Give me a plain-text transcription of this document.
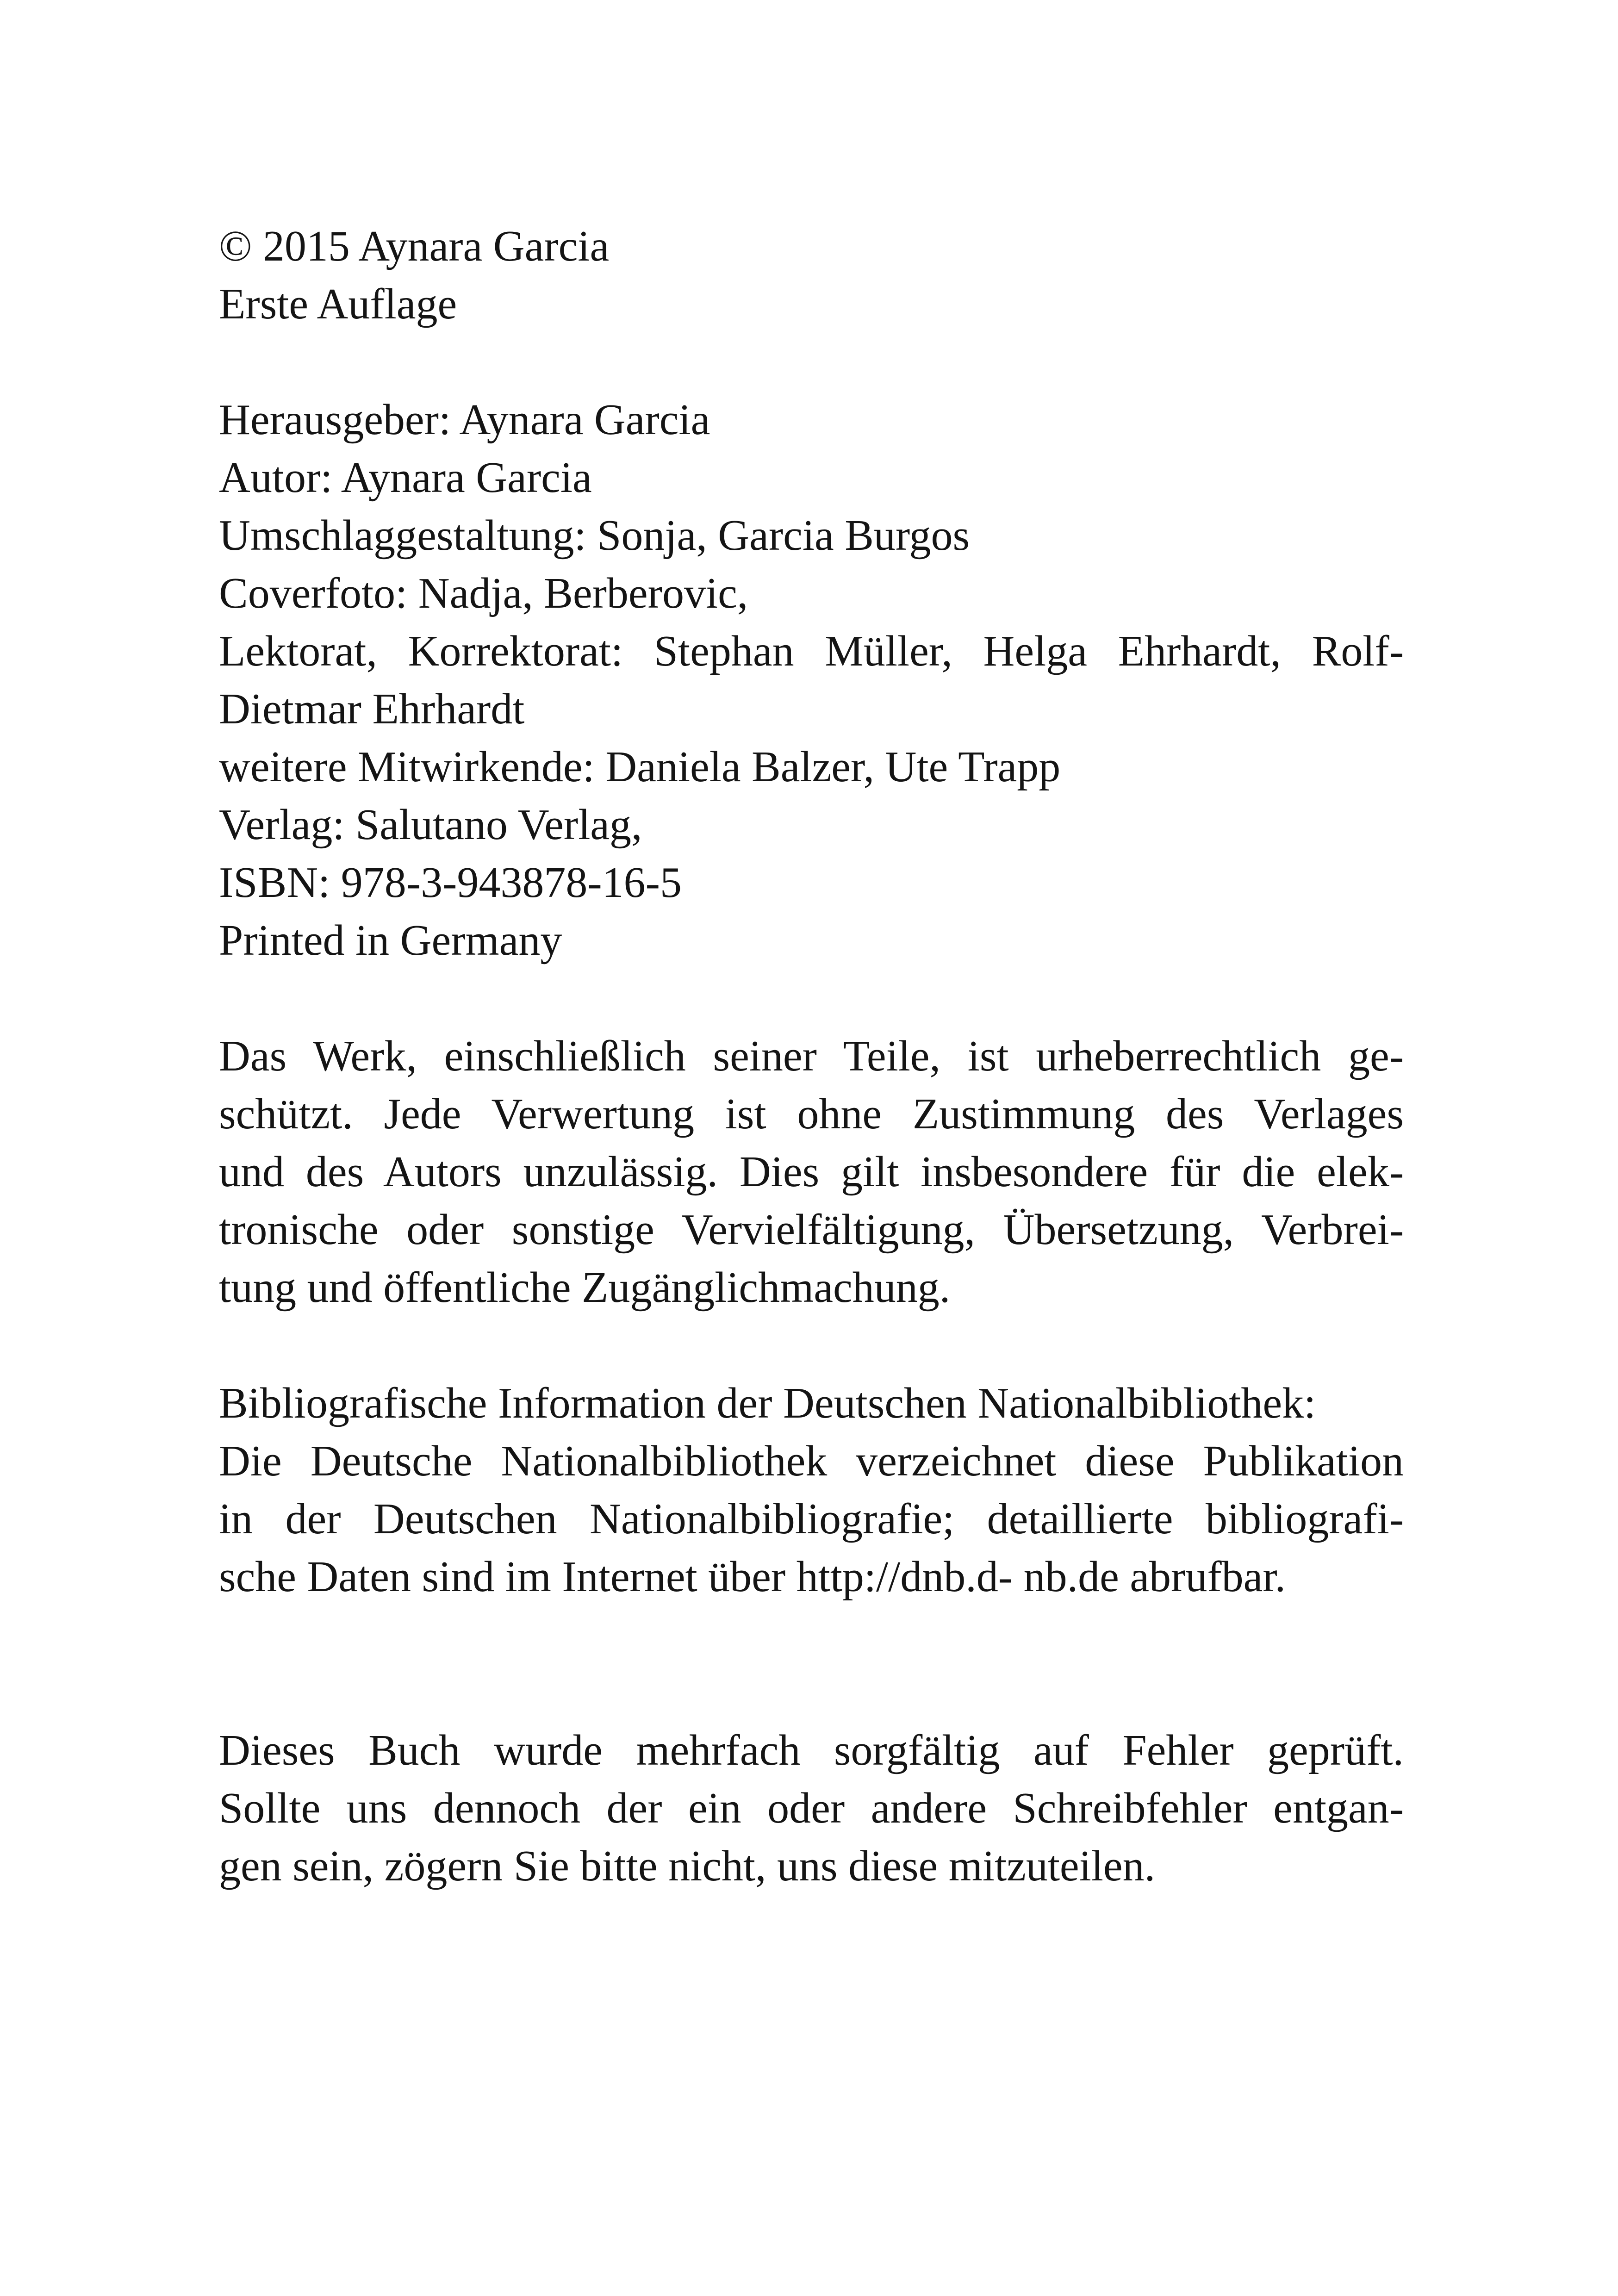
© 2015 Aynara Garcia
Erste Auflage
Herausgeber: Aynara Garcia
Autor: Aynara Garcia
Umschlaggestaltung: Sonja, Garcia Burgos
Coverfoto: Nadja, Berberovic,
Lektorat, Korrektorat: Stephan Müller, Helga Ehrhardt, Rolf-
Dietmar Ehrhardt
weitere Mitwirkende: Daniela Balzer, Ute Trapp
Verlag: Salutano Verlag,
ISBN: 978-3-943878-16-5
Printed in Germany
Das Werk, einschließlich seiner Teile, ist urheberrechtlich ge-
schützt. Jede Verwertung ist ohne Zustimmung des Verlages
und des Autors unzulässig. Dies gilt insbesondere für die elek-
tronische oder sonstige Vervielfältigung, Übersetzung, Verbrei-
tung und öffentliche Zugänglichmachung.
Bibliografische Information der Deutschen Nationalbibliothek:
Die Deutsche Nationalbibliothek verzeichnet diese Publikation
in der Deutschen Nationalbibliografie; detaillierte bibliografi-
sche Daten sind im Internet über http://dnb.d- nb.de abrufbar.
Dieses Buch wurde mehrfach sorgfältig auf Fehler geprüft.
Sollte uns dennoch der ein oder andere Schreibfehler entgan-
gen sein, zögern Sie bitte nicht, uns diese mitzuteilen.
